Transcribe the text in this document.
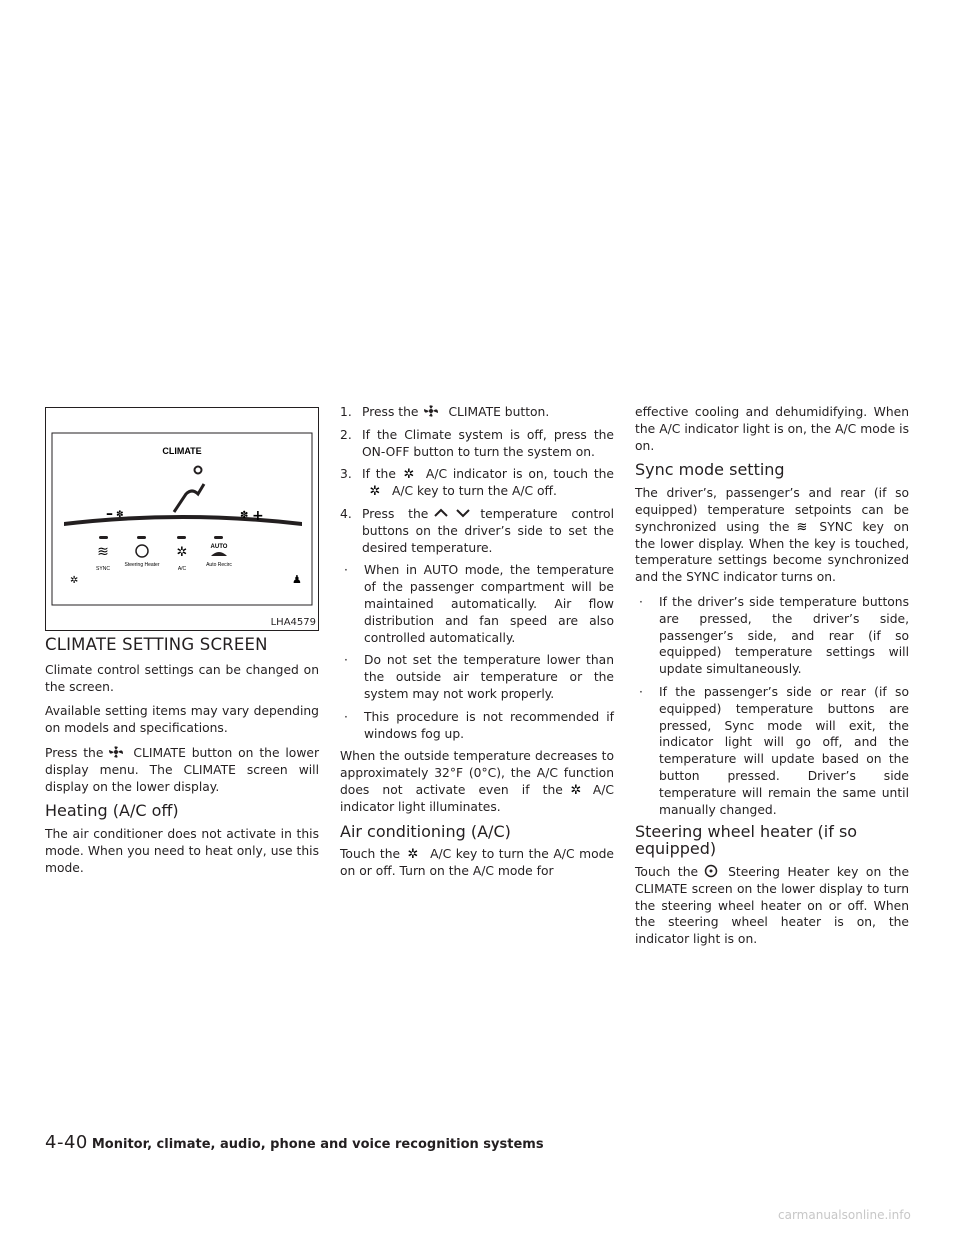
CLIMATE
– ✽	✽ +
≋	✲	AUTO
SYNC
Steering Heater
A/C
Auto Recirc
✲	♟
LHA4579
CLIMATE SETTING SCREEN

Climate control settings can be changed on the screen.

Available setting items may vary depending on models and specifications.

Press the CLIMATE button on the lower display menu. The CLIMATE screen will display on the lower display.

Heating (A/C off)

The air conditioner does not activate in this mode. When you need to heat only, use this mode.

1. Press the CLIMATE button.
2. If the Climate system is off, press the ON-OFF button to turn the system on.
3. If the ✲ A/C indicator is on, touch the
✲ A/C key to turn the A/C off.
4. Press the	temperature control buttons on the driver’s side to set the desired temperature.
· When in AUTO mode, the temperature of the passenger compartment will be maintained automatically. Air flow distribution and fan speed are also controlled automatically.
· Do not set the temperature lower than the outside air temperature or the system may not work properly.
· This procedure is not recommended if windows fog up.

When the outside temperature decreases to approximately 32°F (0°C), the A/C function does not activate even if the ✲ A/C indicator light illuminates.

Air conditioning (A/C)

Touch the ✲ A/C key to turn the A/C mode on or off. Turn on the A/C mode for

effective cooling and dehumidifying. When the A/C indicator light is on, the A/C mode is on.

Sync mode setting

The driver’s, passenger’s and rear (if so equipped) temperature setpoints can be synchronized using the ≋ SYNC key on the lower display. When the key is touched, temperature settings become synchronized and the SYNC indicator turns on.

· If the driver’s side temperature buttons are pressed, the driver’s side, passenger’s side, and rear (if so equipped) temperature settings will update simultaneously.
· If the passenger’s side or rear (if so equipped) temperature buttons are pressed, Sync mode will exit, the indicator light will go off, and the temperature will update based on the button pressed. Driver’s side temperature will remain the same until manually changed.
Steering wheel heater (if so equipped)

Touch the Steering Heater key on the CLIMATE screen on the lower display to turn the steering wheel heater on or off. When the steering wheel heater is on, the indicator light is on.

4-40 Monitor, climate, audio, phone and voice recognition systems
carmanualsonline.info
